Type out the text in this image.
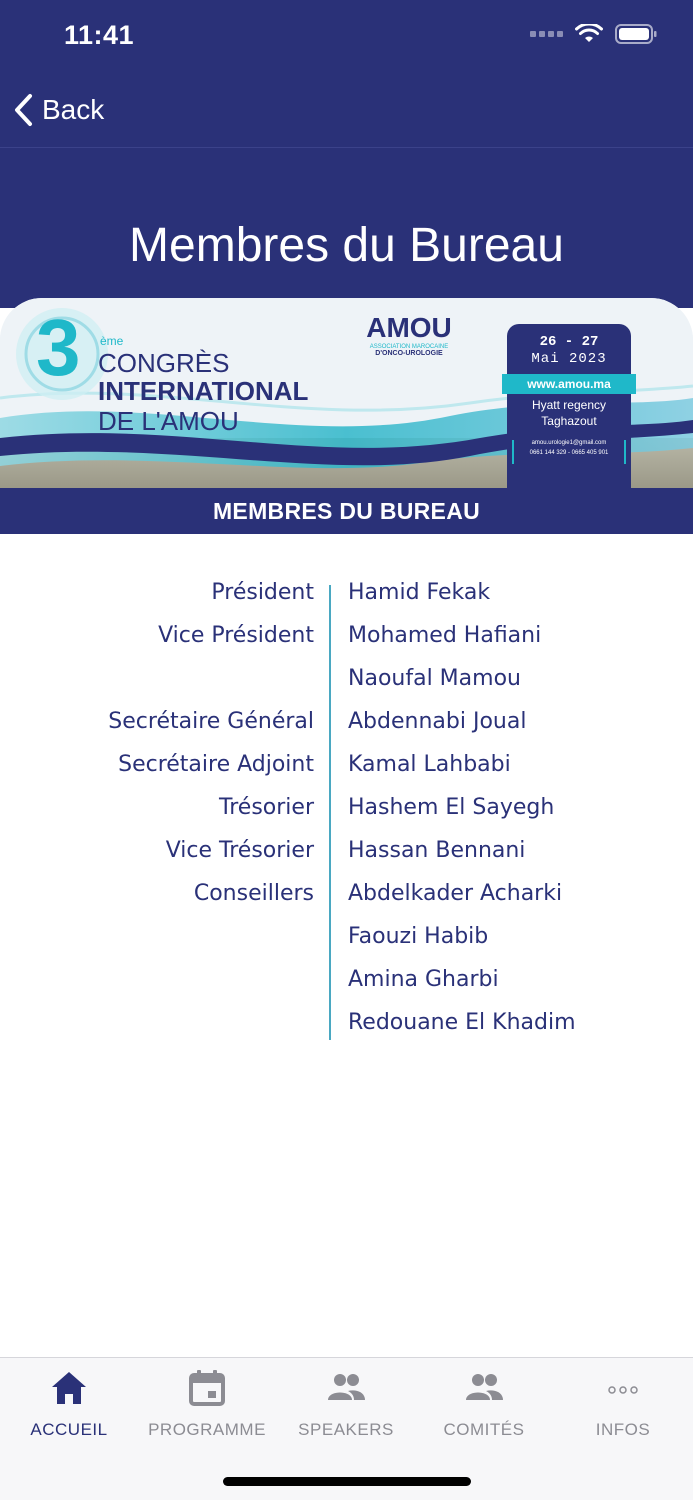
11:41
Back
Membres du Bureau
3 ème
CONGRÈS
INTERNATIONAL
DE L'AMOU
AMOU
ASSOCIATION MAROCAINE
D'ONCO-UROLOGIE
26 - 27
Mai 2023
www.amou.ma
Hyatt regency
Taghazout
amou.urologie1@gmail.com
0661 144 329 - 0665 405 901
MEMBRES DU BUREAU
Président Hamid Fekak
Vice Président Mohamed Hafiani
Naoufal Mamou
Secrétaire Général Abdennabi Joual
Secrétaire Adjoint Kamal Lahbabi
Trésorier Hashem El Sayegh
Vice Trésorier Hassan Bennani
Conseillers Abdelkader Acharki
Faouzi Habib
Amina Gharbi
Redouane El Khadim
ACCUEIL	PROGRAMME	SPEAKERS	COMITÉS	INFOS
